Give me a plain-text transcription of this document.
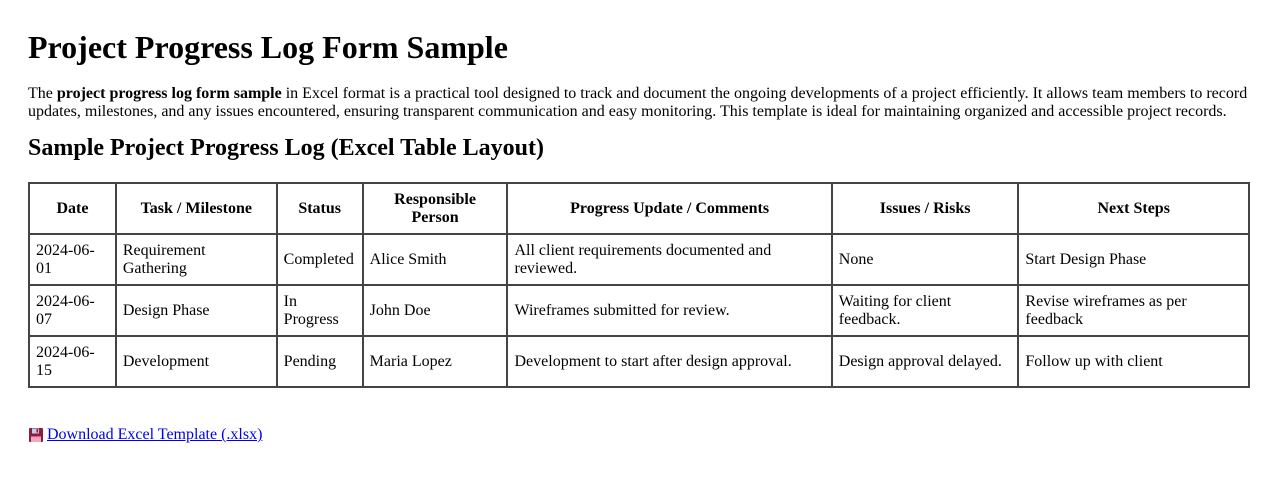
Project Progress Log Form Sample

The project progress log form sample in Excel format is a practical tool designed to track and document the ongoing developments of a project efficiently. It allows team members to record updates, milestones, and any issues encountered, ensuring transparent communication and easy monitoring. This template is ideal for maintaining organized and accessible project records.

Sample Project Progress Log (Excel Table Layout)
Date	Task / Milestone	Status	Responsible Person	Progress Update / Comments	Issues / Risks	Next Steps
2024-06-01	Requirement Gathering	Completed	Alice Smith	All client requirements documented and reviewed.	None	Start Design Phase
2024-06-07	Design Phase	In Progress	John Doe	Wireframes submitted for review.	Waiting for client feedback.	Revise wireframes as per feedback
2024-06-15	Development	Pending	Maria Lopez	Development to start after design approval.	Design approval delayed.	Follow up with client
Download Excel Template (.xlsx)
